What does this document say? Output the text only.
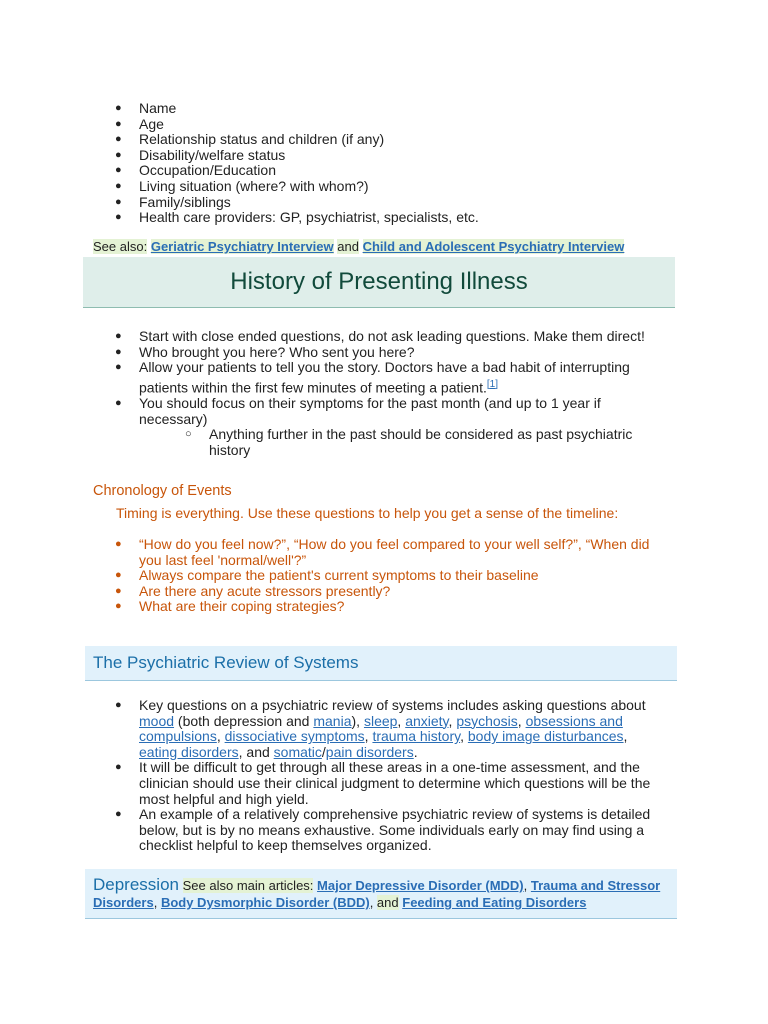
● Name
● Age
● Relationship status and children (if any)
● Disability/welfare status
● Occupation/Education
● Living situation (where? with whom?)
● Family/siblings
● Health care providers: GP, psychiatrist, specialists, etc.
See also: Geriatric Psychiatry Interview and Child and Adolescent Psychiatry Interview
History of Presenting Illness
● Start with close ended questions, do not ask leading questions. Make them direct!
● Who brought you here? Who sent you here?
● Allow your patients to tell you the story. Doctors have a bad habit of interrupting patients within the first few minutes of meeting a patient.[1]
● You should focus on their symptoms for the past month (and up to 1 year if necessary)
○ Anything further in the past should be considered as past psychiatric history
Chronology of Events
Timing is everything. Use these questions to help you get a sense of the timeline:
● “How do you feel now?”, “How do you feel compared to your well self?”, “When did you last feel 'normal/well'?”
● Always compare the patient's current symptoms to their baseline
● Are there any acute stressors presently?
● What are their coping strategies?
The Psychiatric Review of Systems
● Key questions on a psychiatric review of systems includes asking questions about mood (both depression and mania), sleep, anxiety, psychosis, obsessions and compulsions, dissociative symptoms, trauma history, body image disturbances, eating disorders, and somatic/pain disorders.
● It will be difficult to get through all these areas in a one-time assessment, and the clinician should use their clinical judgment to determine which questions will be the most helpful and high yield.
● An example of a relatively comprehensive psychiatric review of systems is detailed below, but is by no means exhaustive. Some individuals early on may find using a checklist helpful to keep themselves organized.
Depression See also main articles: Major Depressive Disorder (MDD), Trauma and Stressor Disorders, Body Dysmorphic Disorder (BDD), and Feeding and Eating Disorders
